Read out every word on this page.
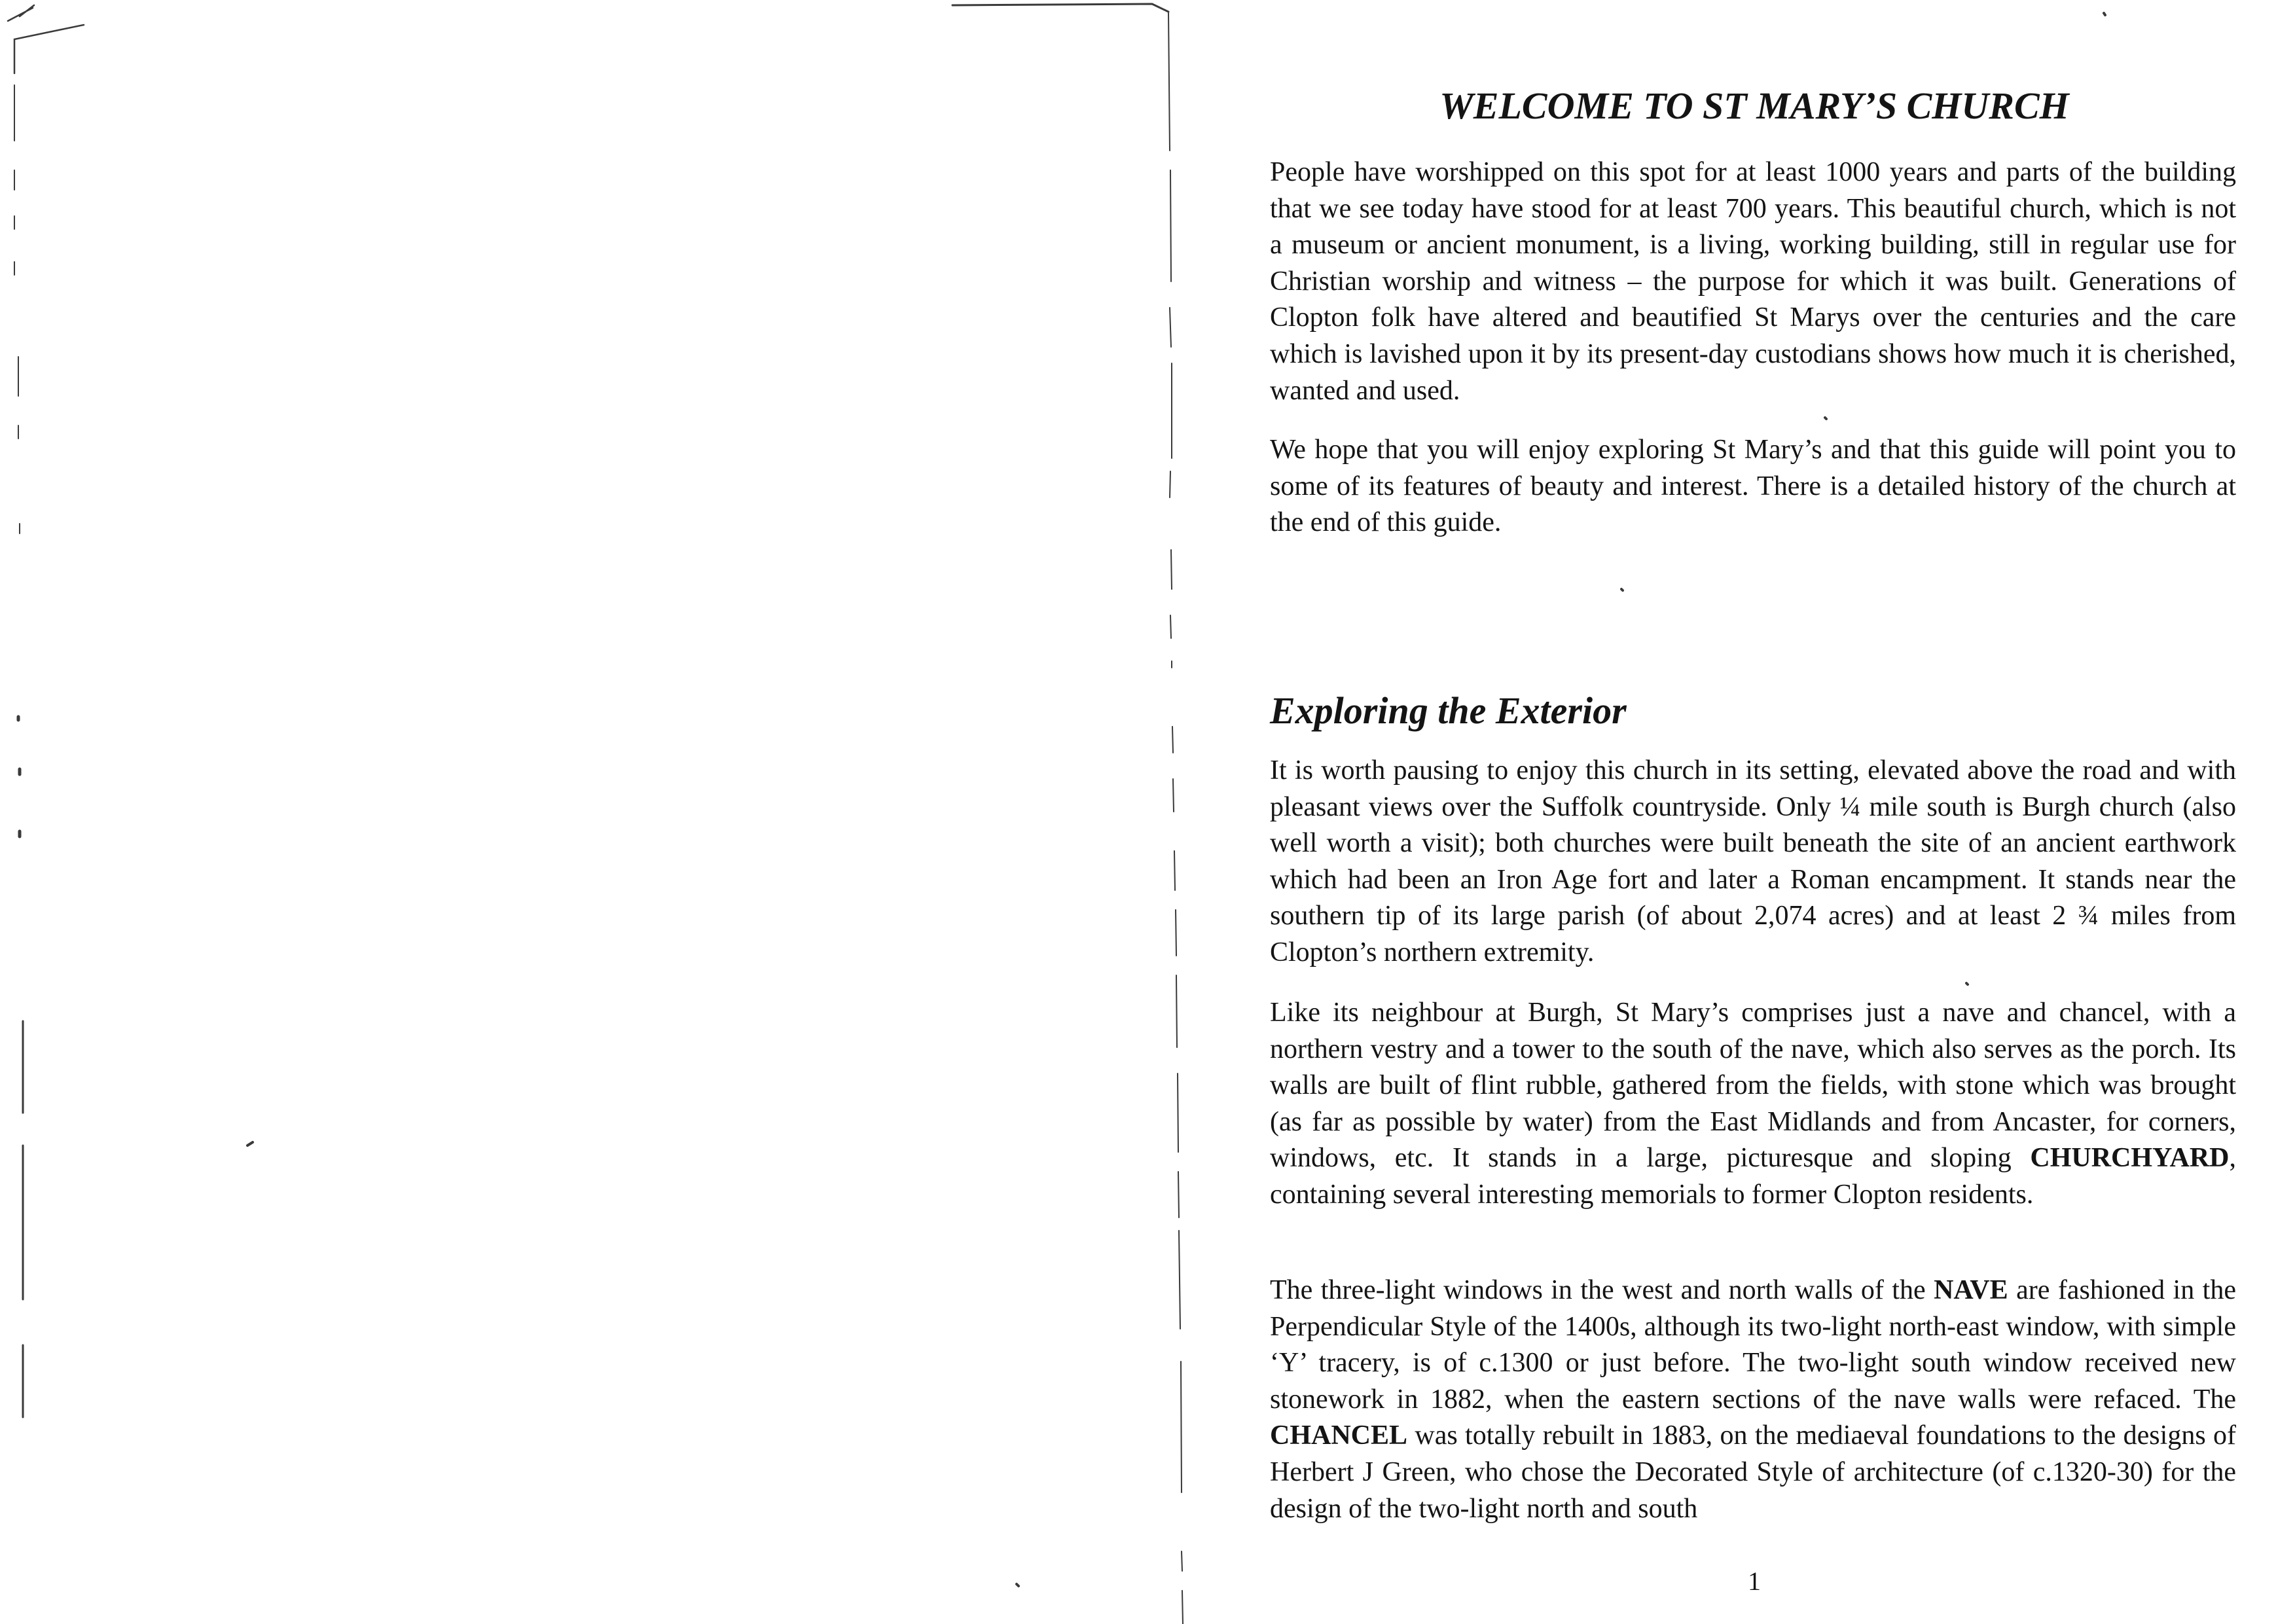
WELCOME TO ST MARY’S CHURCH

People have worshipped on this spot for at least 1000 years and parts of the building that we see today have stood for at least 700 years. This beautiful church, which is not a museum or ancient monument, is a living, working building, still in regular use for Christian worship and witness – the purpose for which it was built. Generations of Clopton folk have altered and beautified St Marys over the centuries and the care which is lavished upon it by its present-day custodians shows how much it is cherished, wanted and used.

We hope that you will enjoy exploring St Mary’s and that this guide will point you to some of its features of beauty and interest. There is a detailed history of the church at the end of this guide.

Exploring the Exterior

It is worth pausing to enjoy this church in its setting, elevated above the road and with pleasant views over the Suffolk countryside. Only ¼ mile south is Burgh church (also well worth a visit); both churches were built beneath the site of an ancient earthwork which had been an Iron Age fort and later a Roman encampment. It stands near the southern tip of its large parish (of about 2,074 acres) and at least 2 ¾ miles from Clopton’s northern extremity.

Like its neighbour at Burgh, St Mary’s comprises just a nave and chancel, with a northern vestry and a tower to the south of the nave, which also serves as the porch. Its walls are built of flint rubble, gathered from the fields, with stone which was brought (as far as possible by water) from the East Midlands and from Ancaster, for corners, windows, etc. It stands in a large, picturesque and sloping CHURCHYARD, containing several interesting memorials to former Clopton residents.

The three-light windows in the west and north walls of the NAVE are fashioned in the Perpendicular Style of the 1400s, although its two-light north-east window, with simple ‘Y’ tracery, is of c.1300 or just before. The two-light south window received new stonework in 1882, when the eastern sections of the nave walls were refaced. The CHANCEL was totally rebuilt in 1883, on the mediaeval foundations to the designs of Herbert J Green, who chose the Decorated Style of architecture (of c.1320-30) for the design of the two-light north and south

1
